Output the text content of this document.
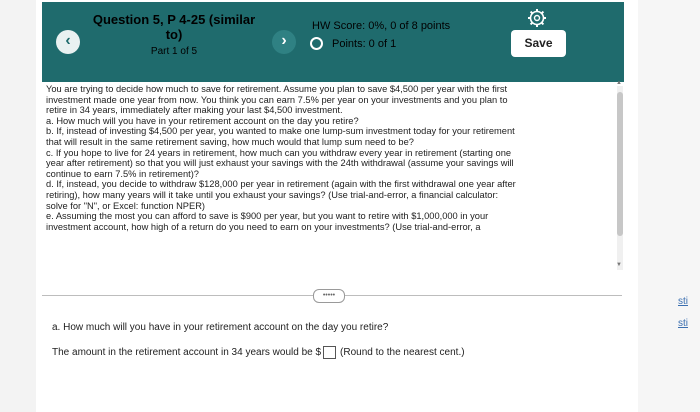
sti
sti
‹
Question 5, P 4-25 (similar to)
Part 1 of 5
›
HW Score: 0%, 0 of 8 points
Points: 0 of 1	Save
You are trying to decide how much to save for retirement. Assume you plan to save $4,500 per year with the first
investment made one year from now. You think you can earn 7.5% per year on your investments and you plan to
retire in 34 years, immediately after making your last $4,500 investment.
a. How much will you have in your retirement account on the day you retire?
b. If, instead of investing $4,500 per year, you wanted to make one lump-sum investment today for your retirement
that will result in the same retirement saving, how much would that lump sum need to be?
c. If you hope to live for 24 years in retirement, how much can you withdraw every year in retirement (starting one
year after retirement) so that you will just exhaust your savings with the 24th withdrawal (assume your savings will
continue to earn 7.5% in retirement)?
d. If, instead, you decide to withdraw $128,000 per year in retirement (again with the first withdrawal one year after
retiring), how many years will it take until you exhaust your savings? (Use trial-and-error, a financial calculator:
solve for "N", or Excel: function NPER)
e. Assuming the most you can afford to save is $900 per year, but you want to retire with $1,000,000 in your
investment account, how high of a return do you need to earn on your investments? (Use trial-and-error, a
▲
▼
•••••
a. How much will you have in your retirement account on the day you retire?
The amount in the retirement account in 34 years would be $ (Round to the nearest cent.)
